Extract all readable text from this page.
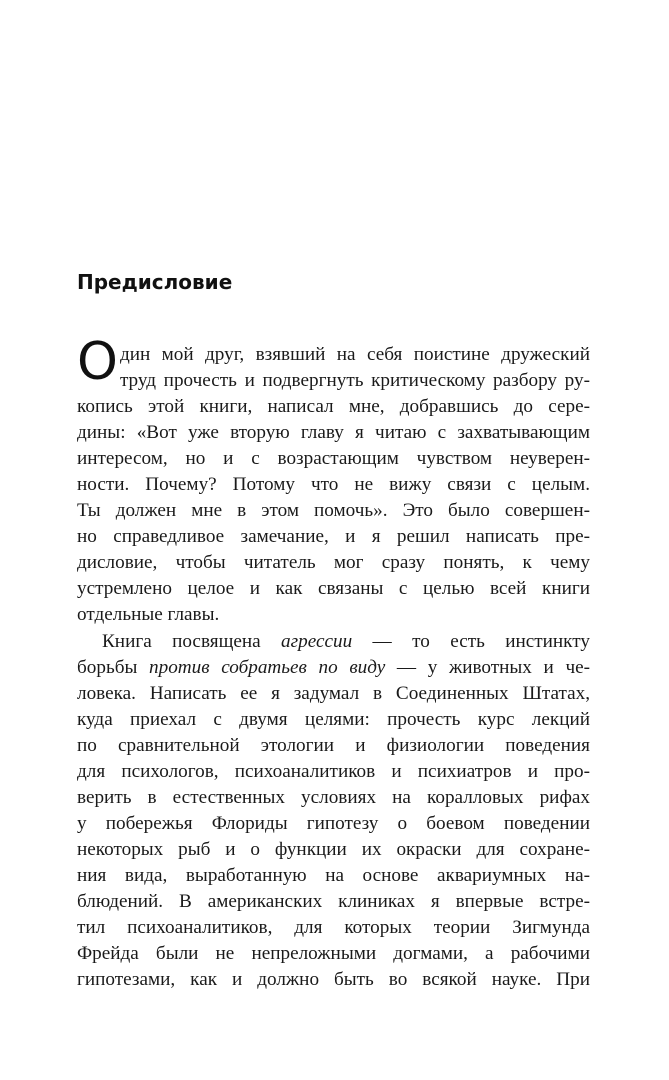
Предисловие
О дин мой друг, взявший на себя поистине дружеский
труд прочесть и подвергнуть критическому разбору ру-
копись этой книги, написал мне, добравшись до сере-
дины: «Вот уже вторую главу я читаю с захватывающим
интересом, но и с возрастающим чувством неуверен-
ности. Почему? Потому что не вижу связи с целым.
Ты должен мне в этом помочь». Это было совершен-
но справедливое замечание, и я решил написать пре-
дисловие, чтобы читатель мог сразу понять, к чему
устремлено целое и как связаны с целью всей книги
отдельные главы.
Книга посвящена агрессии — то есть инстинкту
борьбы против собратьев по виду — у животных и че-
ловека. Написать ее я задумал в Соединенных Штатах,
куда приехал с двумя целями: прочесть курс лекций
по сравнительной этологии и физиологии поведения
для психологов, психоаналитиков и психиатров и про-
верить в естественных условиях на коралловых рифах
у побережья Флориды гипотезу о боевом поведении
некоторых рыб и о функции их окраски для сохране-
ния вида, выработанную на основе аквариумных на-
блюдений. В американских клиниках я впервые встре-
тил психоаналитиков, для которых теории Зигмунда
Фрейда были не непреложными догмами, а рабочими
гипотезами, как и должно быть во всякой науке. При
